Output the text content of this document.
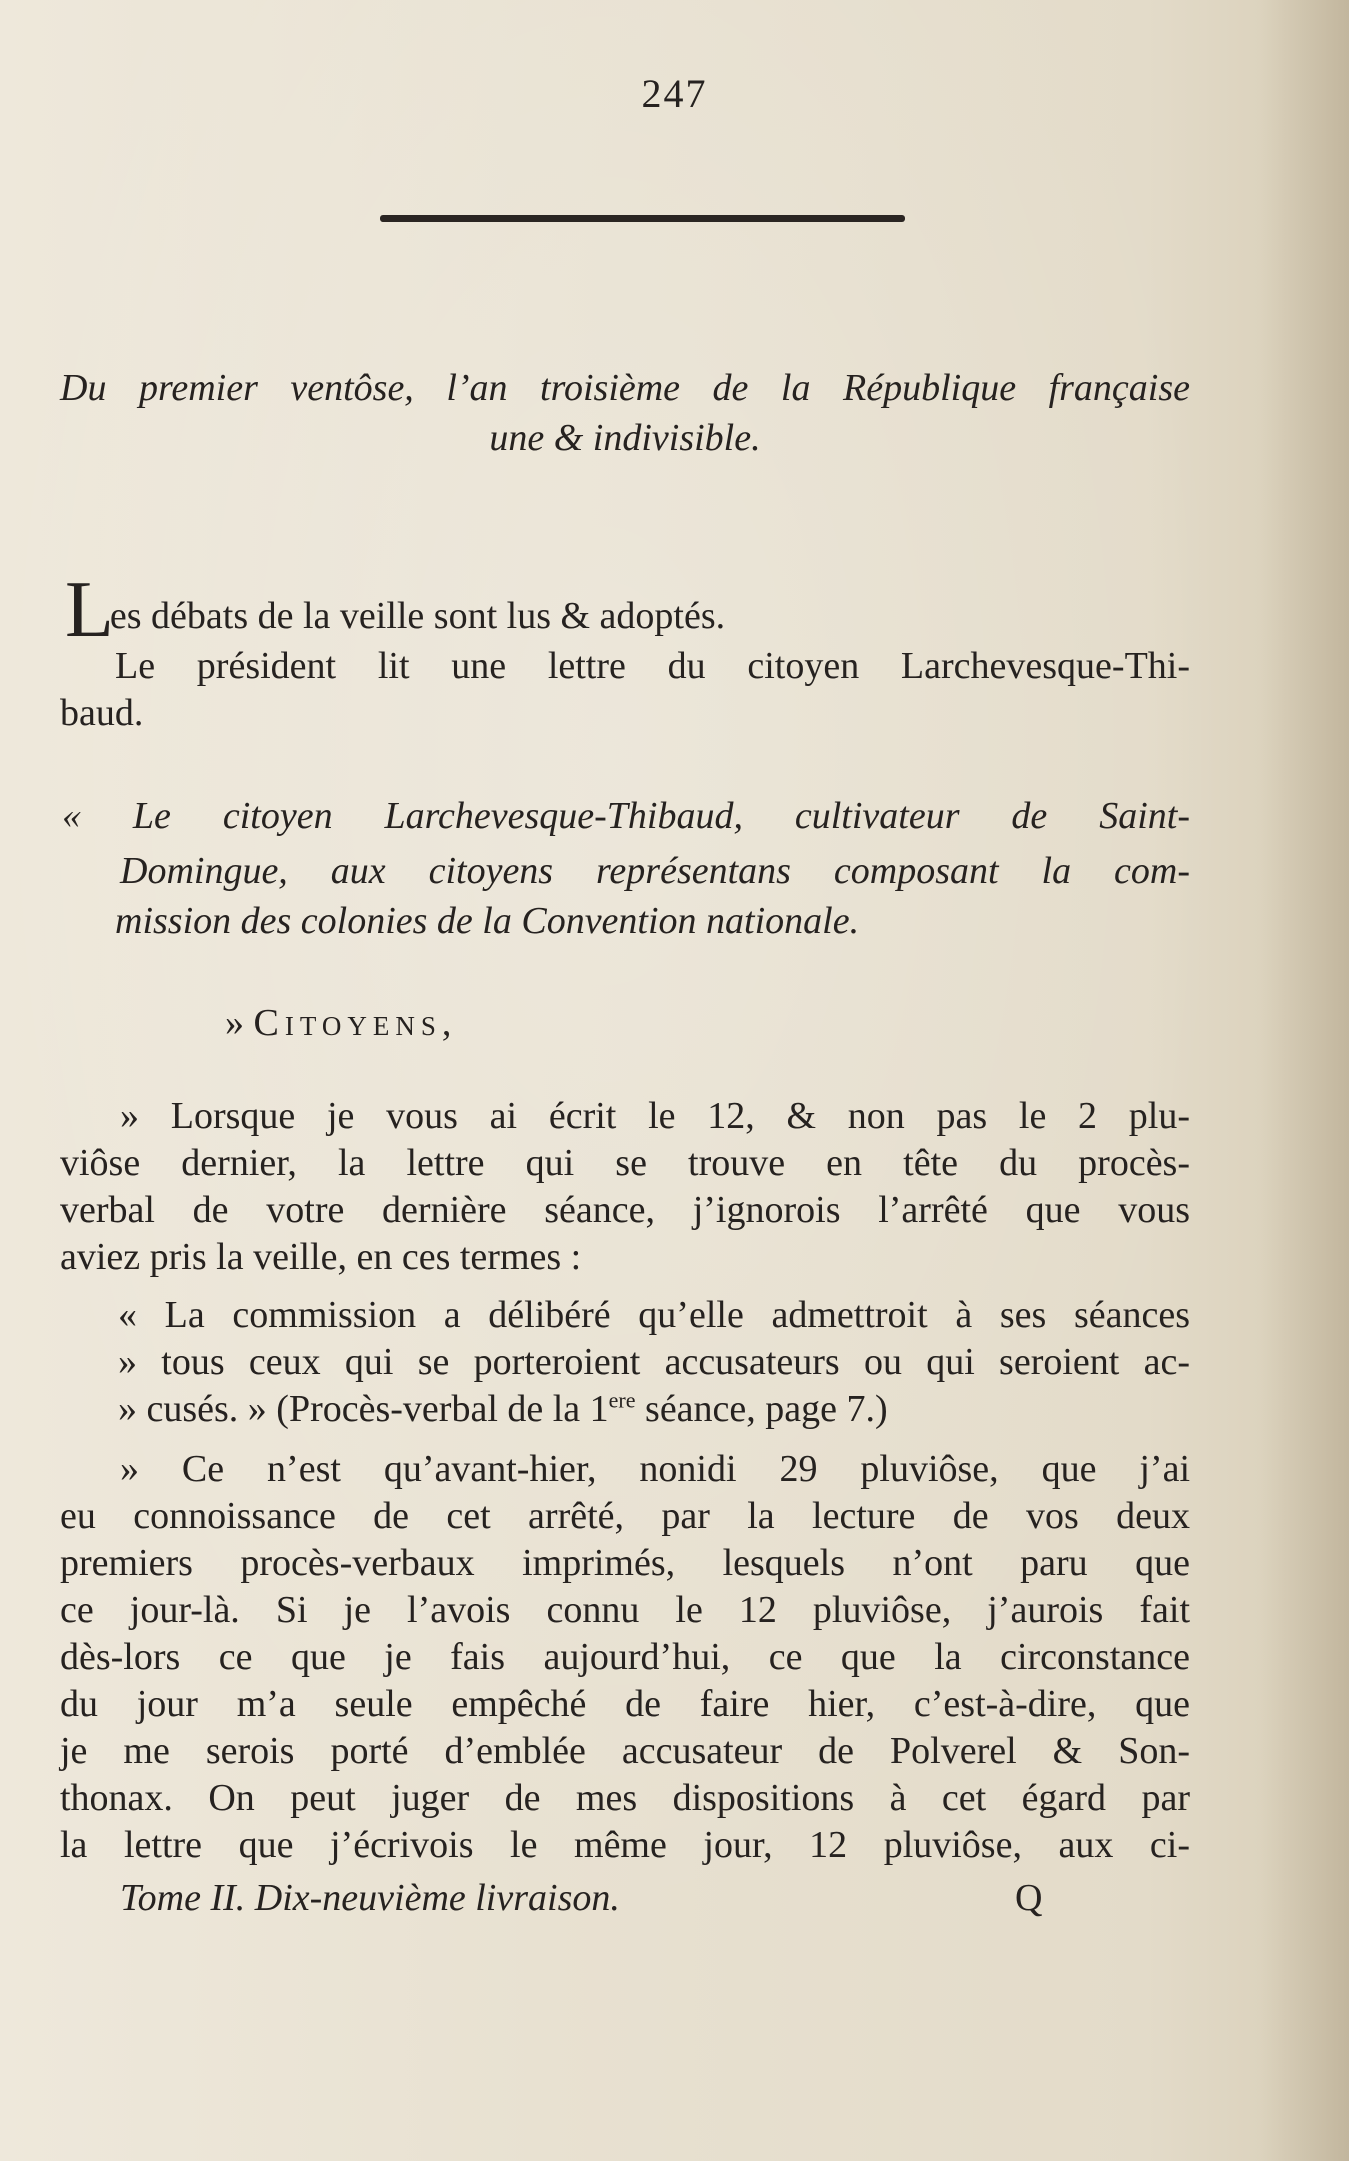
247
Du premier ventôse, l’an troisième de la République française
une & indivisible.
Les débats de la veille sont lus & adoptés.
Le président lit une lettre du citoyen Larchevesque-Thi-
baud.
« Le citoyen Larchevesque-Thibaud, cultivateur de Saint-
Domingue, aux citoyens représentans composant la com-
mission des colonies de la Convention nationale.
» Citoyens,
» Lorsque je vous ai écrit le 12, & non pas le 2 plu-
viôse dernier, la lettre qui se trouve en tête du procès-
verbal de votre dernière séance, j’ignorois l’arrêté que vous
aviez pris la veille, en ces termes :
« La commission a délibéré qu’elle admettroit à ses séances
» tous ceux qui se porteroient accusateurs ou qui seroient ac-
» cusés. » (Procès-verbal de la 1ere séance, page 7.)
» Ce n’est qu’avant-hier, nonidi 29 pluviôse, que j’ai
eu connoissance de cet arrêté, par la lecture de vos deux
premiers procès-verbaux imprimés, lesquels n’ont paru que
ce jour-là. Si je l’avois connu le 12 pluviôse, j’aurois fait
dès-lors ce que je fais aujourd’hui, ce que la circonstance
du jour m’a seule empêché de faire hier, c’est-à-dire, que
je me serois porté d’emblée accusateur de Polverel & Son-
thonax. On peut juger de mes dispositions à cet égard par
la lettre que j’écrivois le même jour, 12 pluviôse, aux ci-
Tome II. Dix-neuvième livraison.	Q
